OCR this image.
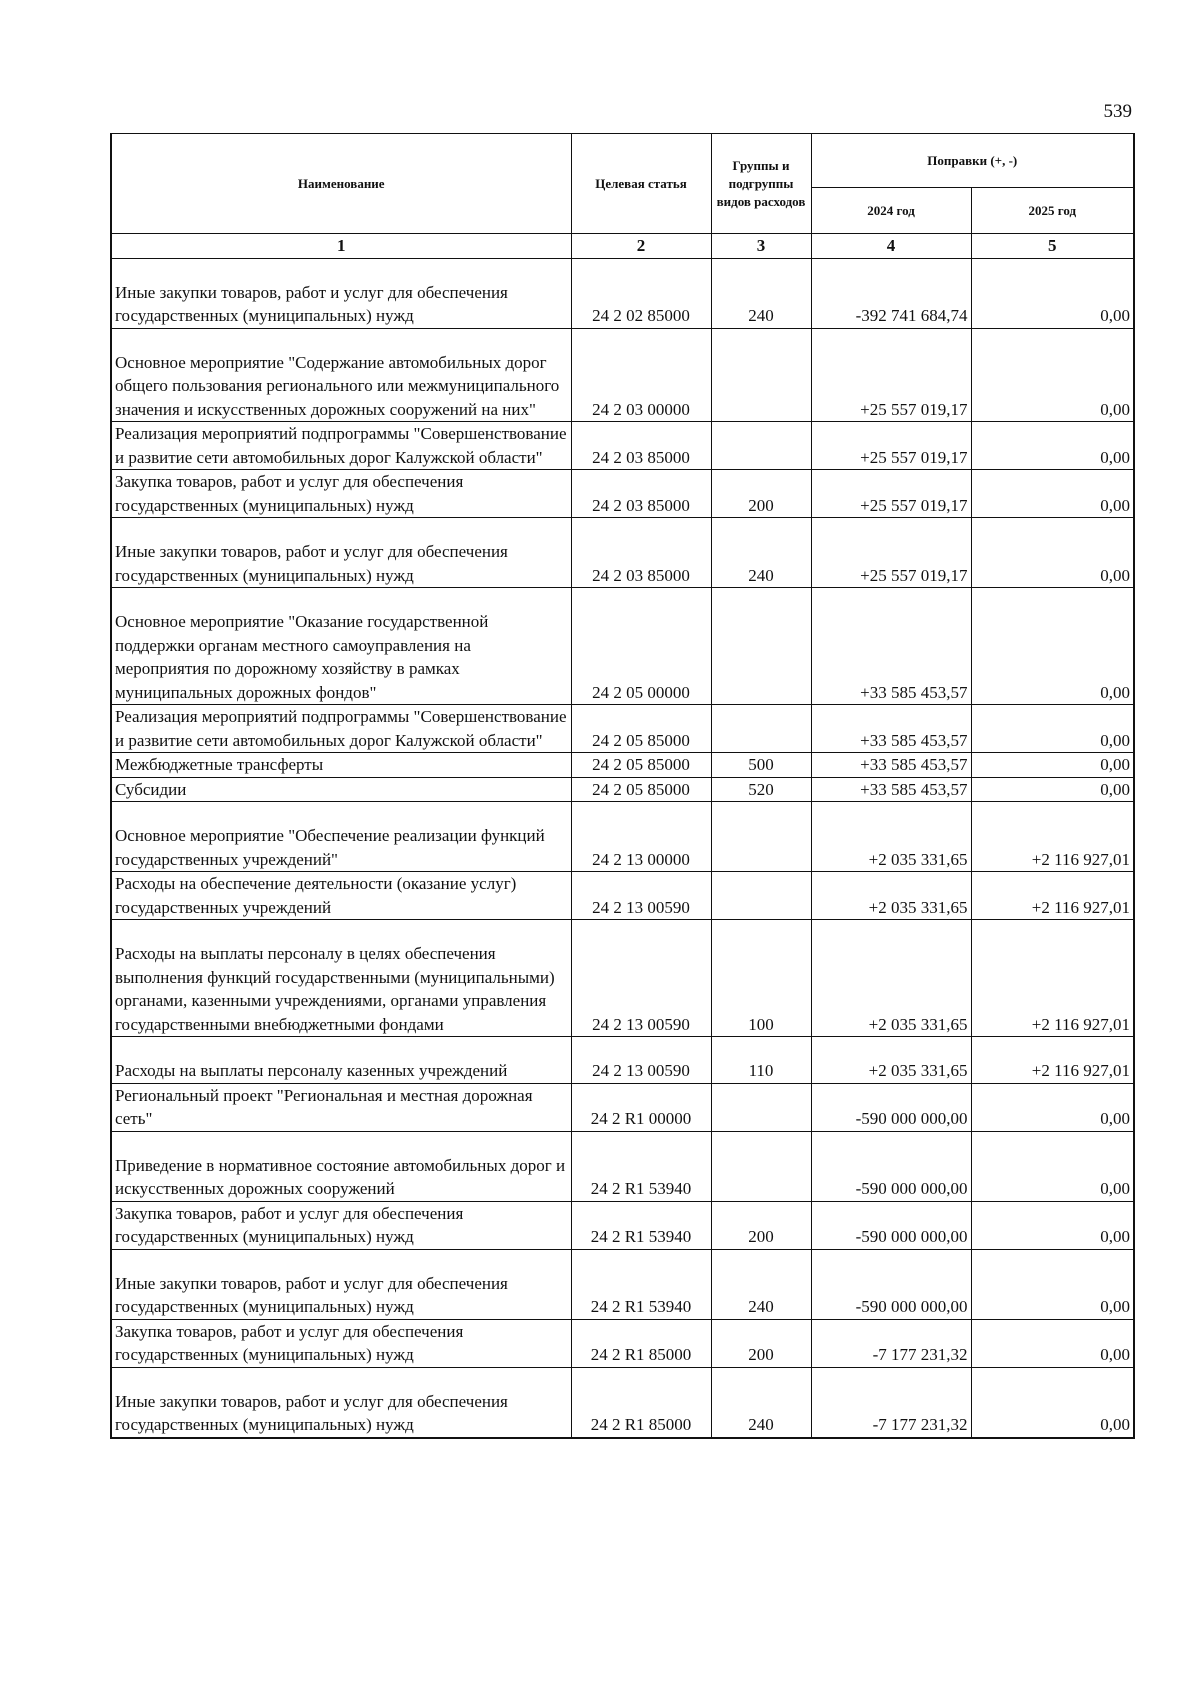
539
Наименование	Целевая статья	Группы и подгруппы видов расходов	Поправки (+, -)	
			2024 год	2025 год
1	2	3	4	5
Иные закупки товаров, работ и услуг для обеспечения государственных (муниципальных) нужд	24 2 02 85000	240	-392 741 684,74	0,00
Основное мероприятие "Содержание автомобильных дорог общего пользования регионального или межмуниципального значения и искусственных дорожных сооружений на них"	24 2 03 00000		+25 557 019,17	0,00
Реализация мероприятий подпрограммы "Совершенствование и развитие сети автомобильных дорог Калужской области"	24 2 03 85000		+25 557 019,17	0,00
Закупка товаров, работ и услуг для обеспечения государственных (муниципальных) нужд	24 2 03 85000	200	+25 557 019,17	0,00
Иные закупки товаров, работ и услуг для обеспечения государственных (муниципальных) нужд	24 2 03 85000	240	+25 557 019,17	0,00
Основное мероприятие "Оказание государственной поддержки органам местного самоуправления на мероприятия по дорожному хозяйству в рамках муниципальных дорожных фондов"	24 2 05 00000		+33 585 453,57	0,00
Реализация мероприятий подпрограммы "Совершенствование и развитие сети автомобильных дорог Калужской области"	24 2 05 85000		+33 585 453,57	0,00
Межбюджетные трансферты	24 2 05 85000	500	+33 585 453,57	0,00
Субсидии	24 2 05 85000	520	+33 585 453,57	0,00
Основное мероприятие "Обеспечение реализации функций государственных учреждений"	24 2 13 00000		+2 035 331,65	+2 116 927,01
Расходы на обеспечение деятельности (оказание услуг) государственных учреждений	24 2 13 00590		+2 035 331,65	+2 116 927,01
Расходы на выплаты персоналу в целях обеспечения выполнения функций государственными (муниципальными) органами, казенными учреждениями, органами управления государственными внебюджетными фондами	24 2 13 00590	100	+2 035 331,65	+2 116 927,01
Расходы на выплаты персоналу казенных учреждений	24 2 13 00590	110	+2 035 331,65	+2 116 927,01
Региональный проект "Региональная и местная дорожная сеть"	24 2 R1 00000		-590 000 000,00	0,00
Приведение в нормативное состояние автомобильных дорог и искусственных дорожных сооружений	24 2 R1 53940		-590 000 000,00	0,00
Закупка товаров, работ и услуг для обеспечения государственных (муниципальных) нужд	24 2 R1 53940	200	-590 000 000,00	0,00
Иные закупки товаров, работ и услуг для обеспечения государственных (муниципальных) нужд	24 2 R1 53940	240	-590 000 000,00	0,00
Закупка товаров, работ и услуг для обеспечения государственных (муниципальных) нужд	24 2 R1 85000	200	-7 177 231,32	0,00
Иные закупки товаров, работ и услуг для обеспечения государственных (муниципальных) нужд	24 2 R1 85000	240	-7 177 231,32	0,00
